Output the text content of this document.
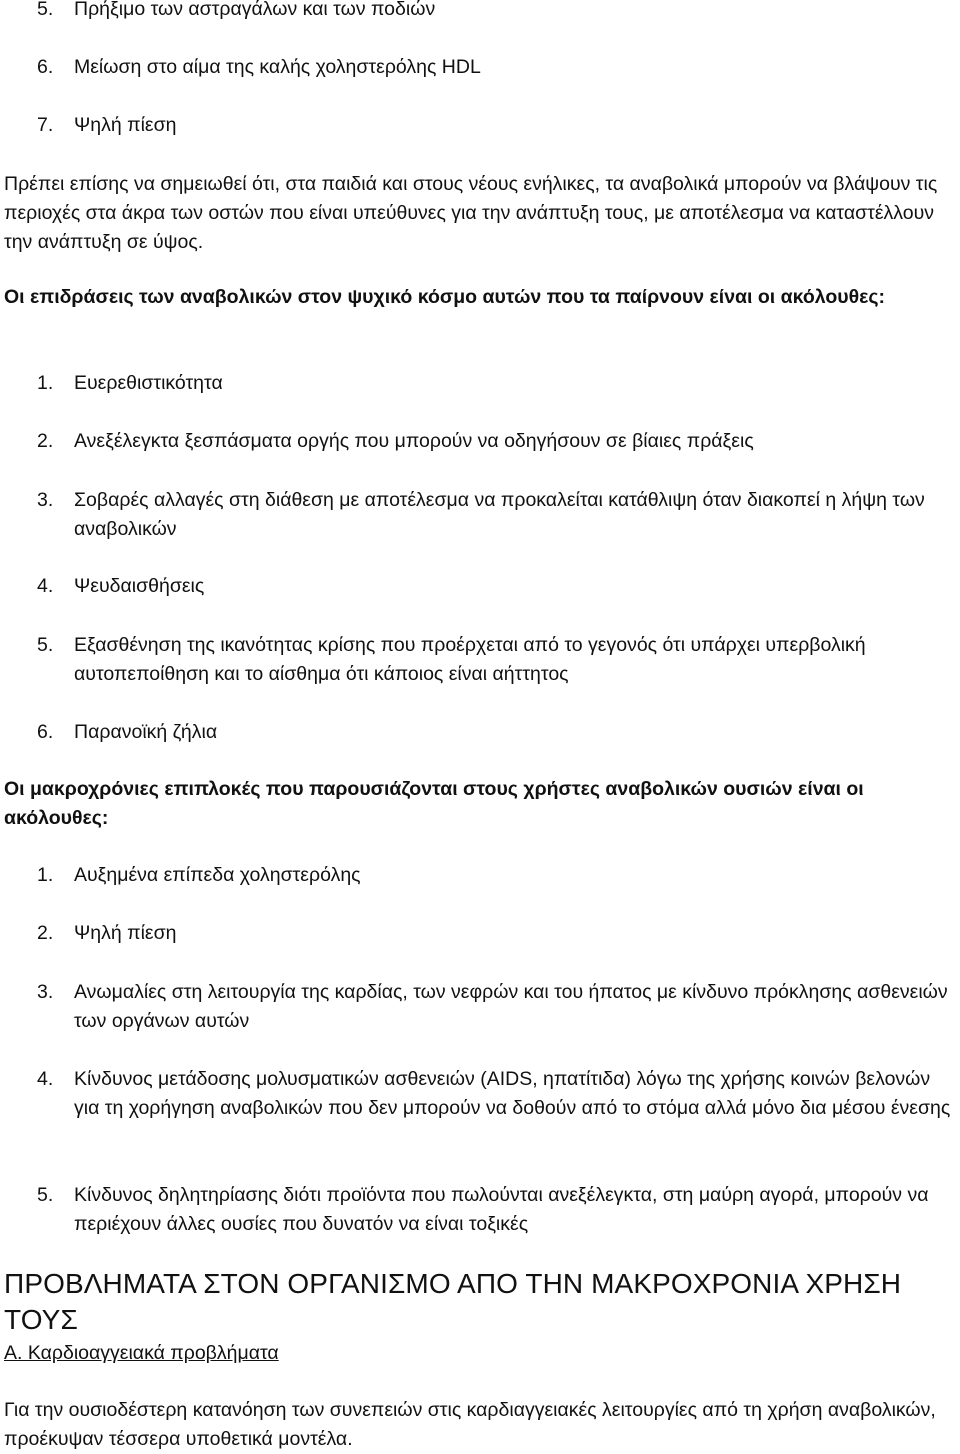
5.	Πρήξιμο των αστραγάλων και των ποδιών
6.	Μείωση στο αίμα της καλής χοληστερόλης HDL
7.	Ψηλή πίεση
Πρέπει επίσης να σημειωθεί ότι, στα παιδιά και στους νέους ενήλικες, τα αναβολικά μπορούν να βλάψουν τις περιοχές στα άκρα των οστών που είναι υπεύθυνες για την ανάπτυξη τους, με αποτέλεσμα να καταστέλλουν την ανάπτυξη σε ύψος.
Οι επιδράσεις των αναβολικών στον ψυχικό κόσμο αυτών που τα παίρνουν είναι οι ακόλουθες:
1.	Ευερεθιστικότητα
2.	Ανεξέλεγκτα ξεσπάσματα οργής που μπορούν να οδηγήσουν σε βίαιες πράξεις
3.	Σοβαρές αλλαγές στη διάθεση με αποτέλεσμα να προκαλείται κατάθλιψη όταν διακοπεί η λήψη των αναβολικών
4.	Ψευδαισθήσεις
5.	Εξασθένηση της ικανότητας κρίσης που προέρχεται από το γεγονός ότι υπάρχει υπερβολική αυτοπεποίθηση και το αίσθημα ότι κάποιος είναι αήττητος
6.	Παρανοϊκή ζήλια
Οι μακροχρόνιες επιπλοκές που παρουσιάζονται στους χρήστες αναβολικών ουσιών είναι οι ακόλουθες:
1.	Αυξημένα επίπεδα χοληστερόλης
2.	Ψηλή πίεση
3.	Ανωμαλίες στη λειτουργία της καρδίας, των νεφρών και του ήπατος με κίνδυνο πρόκλησης ασθενειών των οργάνων αυτών
4.	Κίνδυνος μετάδοσης μολυσματικών ασθενειών (AIDS, ηπατίτιδα) λόγω της χρήσης κοινών βελονών για τη χορήγηση αναβολικών που δεν μπορούν να δοθούν από το στόμα αλλά μόνο δια μέσου ένεσης
5.	Κίνδυνος δηλητηρίασης διότι προϊόντα που πωλούνται ανεξέλεγκτα, στη μαύρη αγορά, μπορούν να περιέχουν άλλες ουσίες που δυνατόν να είναι τοξικές
ΠΡΟΒΛΗΜΑΤΑ ΣΤΟΝ ΟΡΓΑΝΙΣΜΟ ΑΠΟ ΤΗΝ ΜΑΚΡΟΧΡΟΝΙΑ ΧΡΗΣΗ ΤΟΥΣ
Α. Καρδιοαγγειακά προβλήματα
Για την ουσιοδέστερη κατανόηση των συνεπειών στις καρδιαγγειακές λειτουργίες από τη χρήση αναβολικών, προέκυψαν τέσσερα υποθετικά μοντέλα.
